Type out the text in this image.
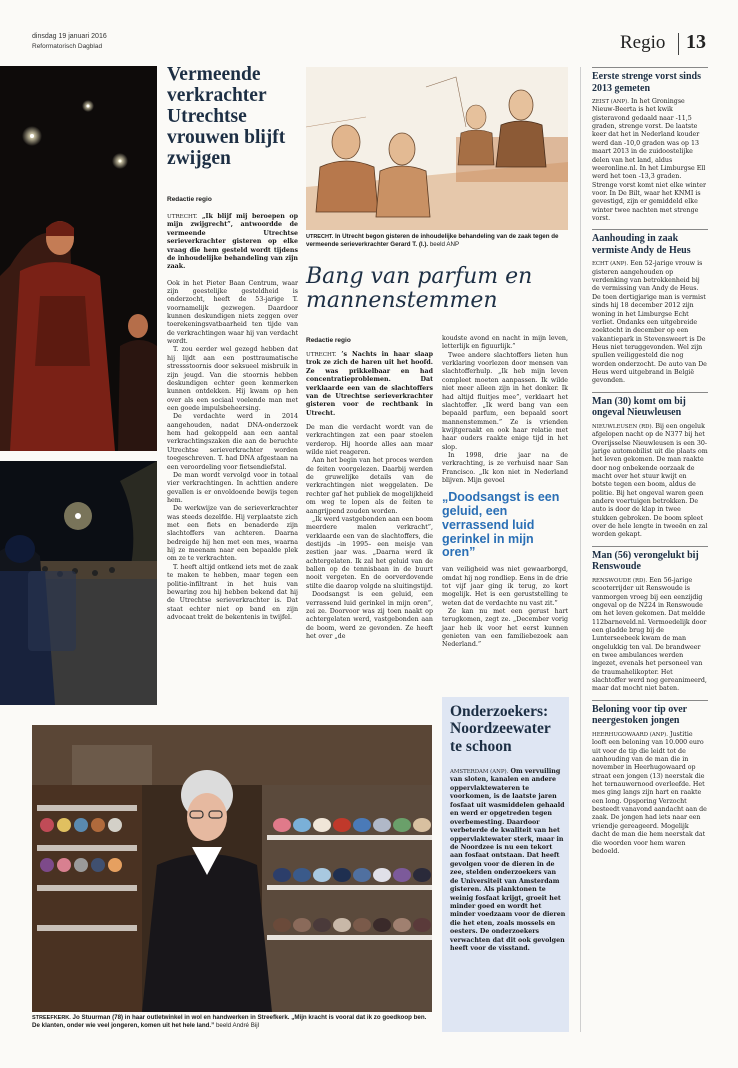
dinsdag 19 januari 2016
Reformatorisch Dagblad	Regio 13
Vermeende verkrachter Utrechtse vrouwen blijft zwijgen
Redactie regio

UTRECHT. „Ik blijf mij beroepen op mijn zwijgrecht”, antwoordde de vermeende Utrechtse serieverkrachter gisteren op elke vraag die hem gesteld wordt tijdens de inhoudelijke behandeling van zijn zaak.

Ook in het Pieter Baan Centrum, waar zijn geestelijke gesteldheid is onderzocht, heeft de 53-jarige T. voornamelijk gezwegen. Daardoor kunnen deskundigen niets zeggen over toerekeningsvatbaarheid ten tijde van de verkrachtingen waar hij van verdacht wordt.

T. zou eerder wel gezegd hebben dat hij lijdt aan een posttraumatische stressstoornis door seksueel misbruik in zijn jeugd. Van die stoornis hebben deskundigen echter geen kenmerken kunnen ontdekken. Hij kwam op hen over als een sociaal voelende man met een goede impulsbeheersing.

De verdachte werd in 2014 aangehouden, nadat DNA-onderzoek hem had gekoppeld aan een aantal verkrachtingszaken die aan de beruchte Utrechtse serieverkrachter worden toegeschreven. T. had DNA afgestaan na een veroordeling voor fietsendiefstal.

De man wordt vervolgd voor in totaal vier verkrachtingen. In achttien andere gevallen is er onvoldoende bewijs tegen hem.

De werkwijze van de serieverkrachter was steeds dezelfde. Hij verplaatste zich met een fiets en benaderde zijn slachtoffers van achteren. Daarna bedreigde hij hen met een mes, waarna hij ze meenam naar een bepaalde plek om ze te verkrachten.

T. heeft altijd ontkend iets met de zaak te maken te hebben, maar tegen een politie-infiltrant in het huis van bewaring zou hij hebben bekend dat hij de Utrechtse serieverkrachter is. Dat staat echter niet op band en zijn advocaat trekt de bekentenis in twijfel.

UTRECHT. In Utrecht begon gisteren de inhoudelijke behandeling van de zaak tegen de vermeende serieverkrachter Gerard T. (l.). beeld ANP
Bang van parfum en mannenstemmen
Redactie regio

UTRECHT. ’s Nachts in haar slaap trok ze zich de haren uit het hoofd. Ze was prikkelbaar en had concentratieproblemen. Dat verklaarde een van de slachtoffers van de Utrechtse serieverkrachter gisteren voor de rechtbank in Utrecht.

De man die verdacht wordt van de verkrachtingen zat een paar stoelen verderop. Hij hoorde alles aan maar wilde niet reageren.

Aan het begin van het proces werden de feiten voorgelezen. Daarbij werden de gruwelijke details van de verkrachtingen niet weggelaten. De rechter gaf het publiek de mogelijkheid om weg te lopen als de feiten te aangrijpend zouden worden.

„Ik werd vastgebonden aan een boom meerdere malen verkracht”, verklaarde een van de slachtoffers, die destijds –in 1995– een meisje van zestien jaar was. „Daarna werd ik achtergelaten. Ik zal het geluid van de ballen op de tennisbaan in de buurt nooit vergeten. En de oorverdovende stilte die daarop volgde na sluitingstijd.

Doodsangst is een geluid, een verrassend luid gerinkel in mijn oren”, zei ze. Doorvoor was zij toen naakt op achtergelaten werd, vastgebonden aan de boom, werd ze gevonden. Ze heeft het over „de

koudste avond en nacht in mijn leven, letterlijk en figuurlijk.”

Twee andere slachtoffers lieten hun verklaring voorlezen door mensen van slachtofferhulp. „Ik heb mijn leven compleet moeten aanpassen. Ik wilde niet meer alleen zijn in het donker. Ik had altijd fluitjes mee”, verklaart het slachtoffer. „Ik werd bang van een bepaald parfum, een bepaald soort mannenstemmen.” Ze is vrienden kwijtgeraakt en ook haar relatie met haar ouders raakte enige tijd in het slop.

In 1998, drie jaar na de verkrachting, is ze verhuisd naar San Francisco. „Ik kon niet in Nederland blijven. Mijn gevoel

„Doodsangst is een geluid, een verrassend luid gerinkel in mijn oren”

van veiligheid was niet gewaarborgd, omdat hij nog rondliep. Eens in de drie tot vijf jaar ging ik terug, zo kort mogelijk. Het is een geruststelling te weten dat de verdachte nu vast zit.”

Ze kan nu met een gerust hart terugkomen, zegt ze. „December vorig jaar heb ik voor het eerst kunnen genieten van een familiebezoek aan Nederland.”

STREEFKERK. Jo Stuurman (78) in haar outletwinkel in wol en handwerken in Streefkerk. „Mijn kracht is vooral dat ik zo goedkoop ben. De klanten, onder wie veel jongeren, komen uit het hele land.” beeld André Bijl
Onderzoekers: Noordzeewater te schoon
AMSTERDAM (ANP). Om vervuiling van sloten, kanalen en andere oppervlaktewateren te voorkomen, is de laatste jaren fosfaat uit wasmiddelen gehaald en werd er opgetreden tegen overbemesting. Daardoor verbeterde de kwaliteit van het oppervlaktewater sterk, maar in de Noordzee is nu een tekort aan fosfaat ontstaan. Dat heeft gevolgen voor de dieren in de zee, stelden onderzoekers van de Universiteit van Amsterdam gisteren. Als planktonen te weinig fosfaat krijgt, groeit het minder goed en wordt het minder voedzaam voor de dieren die het eten, zoals mossels en oesters. De onderzoekers verwachten dat dit ook gevolgen heeft voor de visstand.
Eerste strenge vorst sinds 2013 gemeten

ZEIST (ANP). In het Groningse Nieuw-Beerta is het kwik gisteravond gedaald naar -11,5 graden, strenge vorst. De laatste keer dat het in Nederland kouder werd dan -10,0 graden was op 13 maart 2013 in de zuidoostelijke delen van het land, aldus weeronline.nl. In het Limburgse Ell werd het toen -13,3 graden. Strenge vorst komt niet elke winter voor. In De Bilt, waar het KNMI is gevestigd, zijn er gemiddeld elke winter twee nachten met strenge vorst.

Aanhouding in zaak vermiste Andy de Heus

ECHT (ANP). Een 52-jarige vrouw is gisteren aangehouden op verdenking van betrokkenheid bij de vermissing van Andy de Heus. De toen dertigjarige man is vermist sinds hij 18 december 2012 zijn woning in het Limburgse Echt verliet. Ondanks een uitgebreide zoektocht in december op een vakantiepark in Stevensweert is De Heus niet teruggevonden. Wel zijn spullen veiliggesteld die nog worden onderzocht. De auto van De Heus werd uitgebrand in België gevonden.

Man (30) komt om bij ongeval Nieuwleusen

NIEUWLEUSEN (RD). Bij een ongeluk afgelopen nacht op de N377 bij het Overijsselse Nieuwleusen is een 30-jarige automobilist uit die plaats om het leven gekomen. De man raakte door nog onbekende oorzaak de macht over het stuur kwijt en botste tegen een boom, aldus de politie. Bij het ongeval waren geen andere voertuigen betrokken. De auto is door de klap in twee stukken gebroken. De boom spleet over de hele lengte in tweeën en zal worden gekapt.

Man (56) verongelukt bij Renswoude

RENSWOUDE (RD). Een 56-jarige scooterrijder uit Renswoude is vanmorgen vroeg bij een eenzijdig ongeval op de N224 in Renswoude om het leven gekomen. Dat meldde 112barneveld.nl. Vermoedelijk door een gladde brug bij de Lunterseebeek kwam de man ongelukkig ten val. De brandweer en twee ambulances werden ingezet, evenals het personeel van de traumahelikopter. Het slachtoffer werd nog gereanimeerd, maar dat mocht niet baten.

Beloning voor tip over neergestoken jongen

HEERHUGOWAARD (ANP). Justitie looft een beloning van 10.000 euro uit voor de tip die leidt tot de aanhouding van de man die in november in Heerhugowaard op straat een jongen (13) neerstak die het ternauwernood overleefde. Het mes ging langs zijn hart en raakte een long. Opsporing Verzocht besteedt vanavond aandacht aan de zaak. De jongen had iets naar een vriendje gereageerd. Mogelijk dacht de man die hem neerstak dat die woorden voor hem waren bedoeld.
